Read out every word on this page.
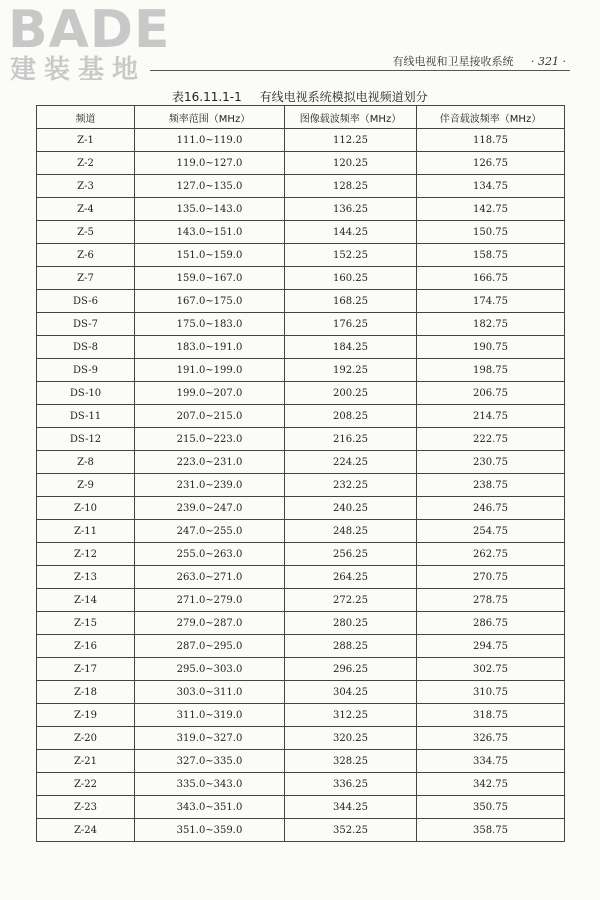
BADE
建装基地	有线电视和卫星接收系统 · 321 ·
表16.11.1-1 有线电视系统模拟电视频道划分
频道	频率范围（MHz）	图像载波频率（MHz）	伴音载波频率（MHz）
Z-1	111.0~119.0	112.25	118.75
Z-2	119.0~127.0	120.25	126.75
Z-3	127.0~135.0	128.25	134.75
Z-4	135.0~143.0	136.25	142.75
Z-5	143.0~151.0	144.25	150.75
Z-6	151.0~159.0	152.25	158.75
Z-7	159.0~167.0	160.25	166.75
DS-6	167.0~175.0	168.25	174.75
DS-7	175.0~183.0	176.25	182.75
DS-8	183.0~191.0	184.25	190.75
DS-9	191.0~199.0	192.25	198.75
DS-10	199.0~207.0	200.25	206.75
DS-11	207.0~215.0	208.25	214.75
DS-12	215.0~223.0	216.25	222.75
Z-8	223.0~231.0	224.25	230.75
Z-9	231.0~239.0	232.25	238.75
Z-10	239.0~247.0	240.25	246.75
Z-11	247.0~255.0	248.25	254.75
Z-12	255.0~263.0	256.25	262.75
Z-13	263.0~271.0	264.25	270.75
Z-14	271.0~279.0	272.25	278.75
Z-15	279.0~287.0	280.25	286.75
Z-16	287.0~295.0	288.25	294.75
Z-17	295.0~303.0	296.25	302.75
Z-18	303.0~311.0	304.25	310.75
Z-19	311.0~319.0	312.25	318.75
Z-20	319.0~327.0	320.25	326.75
Z-21	327.0~335.0	328.25	334.75
Z-22	335.0~343.0	336.25	342.75
Z-23	343.0~351.0	344.25	350.75
Z-24	351.0~359.0	352.25	358.75
